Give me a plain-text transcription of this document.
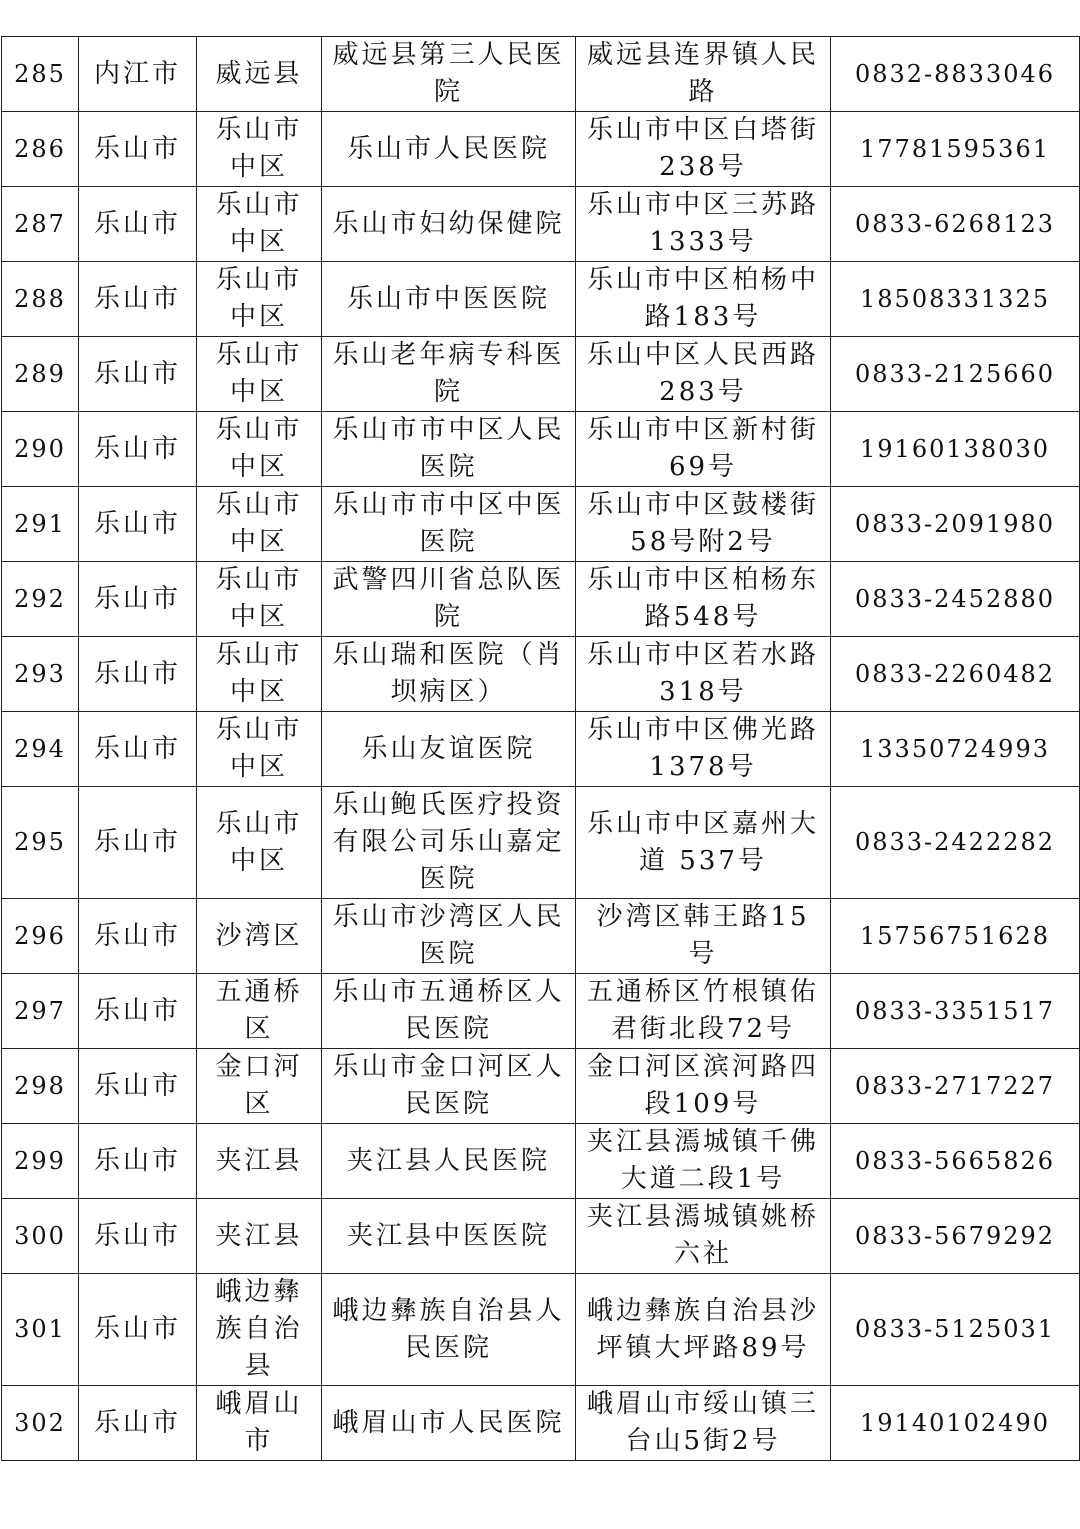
285	内江市	威远县	威远县第三人民医院	威远县连界镇人民路	0832-8833046
286	乐山市	乐山市中区	乐山市人民医院	乐山市中区白塔街238号	17781595361
287	乐山市	乐山市中区	乐山市妇幼保健院	乐山市中区三苏路1333号	0833-6268123
288	乐山市	乐山市中区	乐山市中医医院	乐山市中区柏杨中路183号	18508331325
289	乐山市	乐山市中区	乐山老年病专科医院	乐山中区人民西路283号	0833-2125660
290	乐山市	乐山市中区	乐山市市中区人民医院	乐山市中区新村街69号	19160138030
291	乐山市	乐山市中区	乐山市市中区中医医院	乐山市中区鼓楼街58号附2号	0833-2091980
292	乐山市	乐山市中区	武警四川省总队医院	乐山市中区柏杨东路548号	0833-2452880
293	乐山市	乐山市中区	乐山瑞和医院（肖坝病区）	乐山市中区若水路318号	0833-2260482
294	乐山市	乐山市中区	乐山友谊医院	乐山市中区佛光路1378号	13350724993
295	乐山市	乐山市中区	乐山鲍氏医疗投资有限公司乐山嘉定医院	乐山市中区嘉州大道 537号	0833-2422282
296	乐山市	沙湾区	乐山市沙湾区人民医院	沙湾区韩王路15号	15756751628
297	乐山市	五通桥区	乐山市五通桥区人民医院	五通桥区竹根镇佑君街北段72号	0833-3351517
298	乐山市	金口河区	乐山市金口河区人民医院	金口河区滨河路四段109号	0833-2717227
299	乐山市	夹江县	夹江县人民医院	夹江县漹城镇千佛大道二段1号	0833-5665826
300	乐山市	夹江县	夹江县中医医院	夹江县漹城镇姚桥六社	0833-5679292
301	乐山市	峨边彝族自治县	峨边彝族自治县人民医院	峨边彝族自治县沙坪镇大坪路89号	0833-5125031
302	乐山市	峨眉山市	峨眉山市人民医院	峨眉山市绥山镇三台山5街2号	19140102490
